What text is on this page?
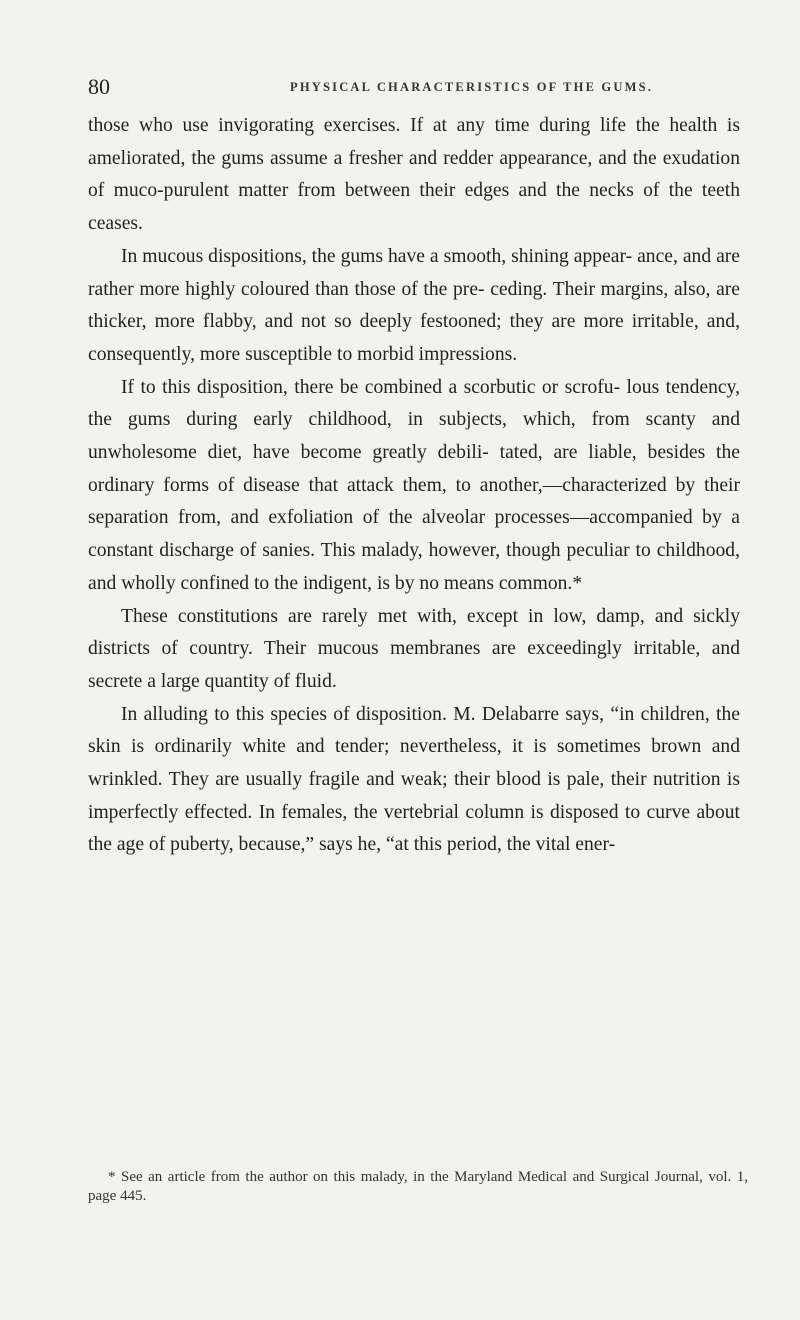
80	PHYSICAL CHARACTERISTICS OF THE GUMS.

those who use invigorating exercises. If at any time during life the health is ameliorated, the gums assume a fresher and redder appearance, and the exudation of muco-purulent matter from between their edges and the necks of the teeth ceases.

In mucous dispositions, the gums have a smooth, shining appear- ance, and are rather more highly coloured than those of the pre- ceding. Their margins, also, are thicker, more flabby, and not so deeply festooned; they are more irritable, and, consequently, more susceptible to morbid impressions.

If to this disposition, there be combined a scorbutic or scrofu- lous tendency, the gums during early childhood, in subjects, which, from scanty and unwholesome diet, have become greatly debili- tated, are liable, besides the ordinary forms of disease that attack them, to another,—characterized by their separation from, and exfoliation of the alveolar processes—accompanied by a constant discharge of sanies. This malady, however, though peculiar to childhood, and wholly confined to the indigent, is by no means common.*

These constitutions are rarely met with, except in low, damp, and sickly districts of country. Their mucous membranes are exceedingly irritable, and secrete a large quantity of fluid.

In alluding to this species of disposition. M. Delabarre says, “in children, the skin is ordinarily white and tender; nevertheless, it is sometimes brown and wrinkled. They are usually fragile and weak; their blood is pale, their nutrition is imperfectly effected. In females, the vertebrial column is disposed to curve about the age of puberty, because,” says he, “at this period, the vital ener-

* See an article from the author on this malady, in the Maryland Medical and Surgical Journal, vol. 1, page 445.
